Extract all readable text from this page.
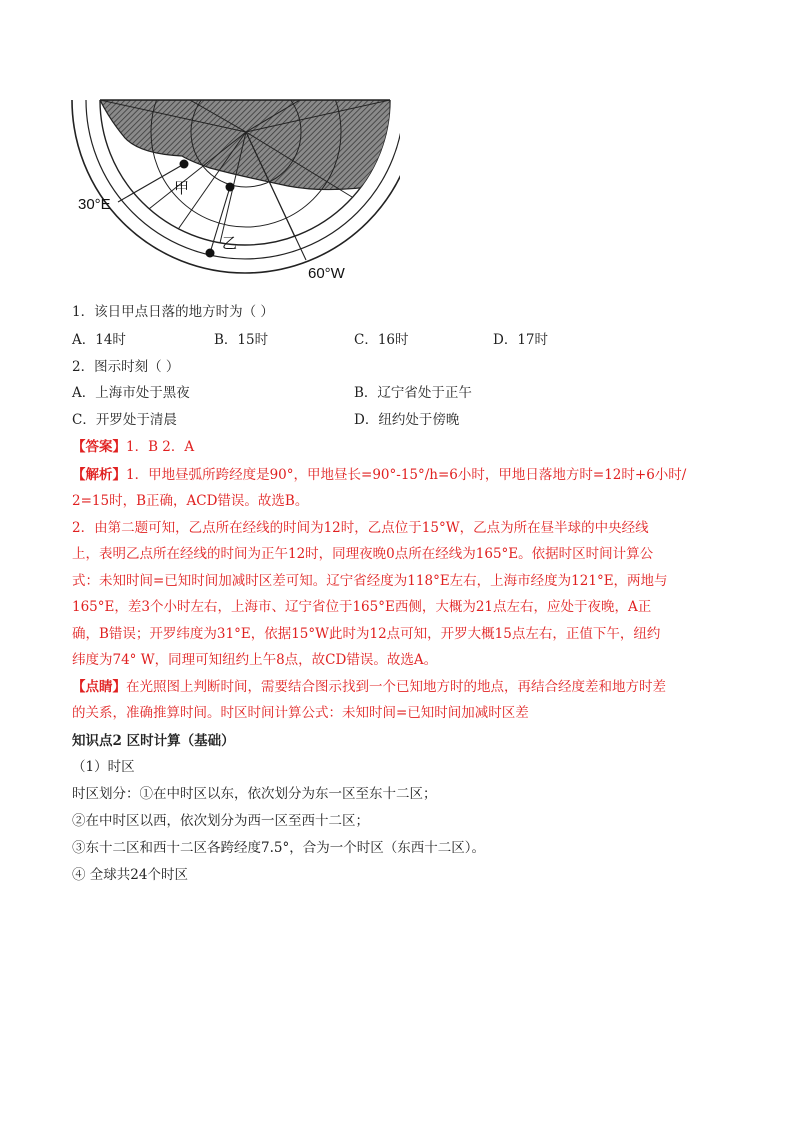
甲
乙
30°E
60°W
1．该日甲点日落的地方时为（ ）
A．14时	B．15时	C．16时	D．17时
2．图示时刻（ ）
A．上海市处于黑夜	B．辽宁省处于正午
C．开罗处于清晨	D．纽约处于傍晚
【答案】1．B 2．A
【解析】1．甲地昼弧所跨经度是90°，甲地昼长=90°-15°/h=6小时，甲地日落地方时=12时+6小时/
2=15时，B正确，ACD错误。故选B。
2．由第二题可知，乙点所在经线的时间为12时，乙点位于15°W，乙点为所在昼半球的中央经线
上，表明乙点所在经线的时间为正午12时，同理夜晚0点所在经线为165°E。依据时区时间计算公
式：未知时间=已知时间加减时区差可知。辽宁省经度为118°E左右，上海市经度为121°E，两地与
165°E，差3个小时左右，上海市、辽宁省位于165°E西侧，大概为21点左右，应处于夜晚，A正
确，B错误；开罗纬度为31°E，依据15°W此时为12点可知，开罗大概15点左右，正值下午，纽约
纬度为74° W，同理可知纽约上午8点，故CD错误。故选A。
【点睛】在光照图上判断时间，需要结合图示找到一个已知地方时的地点，再结合经度差和地方时差
的关系，准确推算时间。时区时间计算公式：未知时间=已知时间加减时区差
知识点2 区时计算（基础）
（1）时区
时区划分：①在中时区以东，依次划分为东一区至东十二区；
②在中时区以西，依次划分为西一区至西十二区；
③东十二区和西十二区各跨经度7.5°，合为一个时区（东西十二区）。
④ 全球共24个时区
